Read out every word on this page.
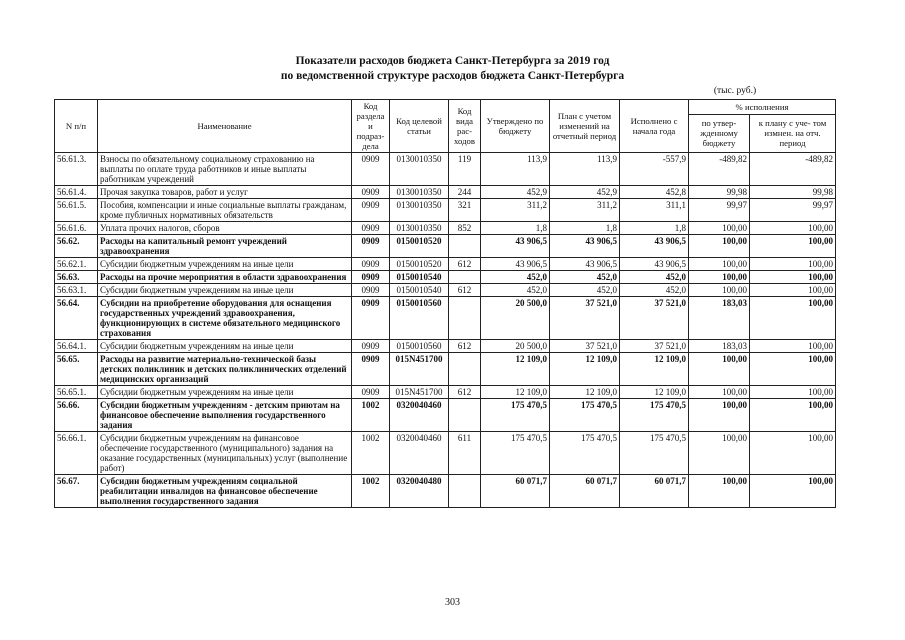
Показатели расходов бюджета Санкт-Петербурга за 2019 год
по ведомственной структуре расходов бюджета Санкт-Петербурга
(тыс. руб.)
N п/п	Наименование	Код раздела и подраз- дела	Код целевой статьи	Код вида рас- ходов	Утверждено по бюджету	План с учетом изменений на отчетный период	Исполнено с начала года	% исполнения	
								по утвер- жденному бюджету	к плану с уче- том измнен. на отч. период
56.61.3.	Взносы по обязательному социальному страхованию на выплаты по оплате труда работников и иные выплаты работникам учреждений	0909	0130010350	119	113,9	113,9	-557,9	-489,82	-489,82
56.61.4.	Прочая закупка товаров, работ и услуг	0909	0130010350	244	452,9	452,9	452,8	99,98	99,98
56.61.5.	Пособия, компенсации и иные социальные выплаты гражданам, кроме публичных нормативных обязательств	0909	0130010350	321	311,2	311,2	311,1	99,97	99,97
56.61.6.	Уплата прочих налогов, сборов	0909	0130010350	852	1,8	1,8	1,8	100,00	100,00
56.62.	Расходы на капитальный ремонт учреждений здравоохранения	0909	0150010520		43 906,5	43 906,5	43 906,5	100,00	100,00
56.62.1.	Субсидии бюджетным учреждениям на иные цели	0909	0150010520	612	43 906,5	43 906,5	43 906,5	100,00	100,00
56.63.	Расходы на прочие мероприятия в области здравоохранения	0909	0150010540		452,0	452,0	452,0	100,00	100,00
56.63.1.	Субсидии бюджетным учреждениям на иные цели	0909	0150010540	612	452,0	452,0	452,0	100,00	100,00
56.64.	Субсидии на приобретение оборудования для оснащения государственных учреждений здравоохранения, функционирующих в системе обязательного медицинского страхования	0909	0150010560		20 500,0	37 521,0	37 521,0	183,03	100,00
56.64.1.	Субсидии бюджетным учреждениям на иные цели	0909	0150010560	612	20 500,0	37 521,0	37 521,0	183,03	100,00
56.65.	Расходы на развитие материально-технической базы детских поликлиник и детских поликлинических отделений медицинских организаций	0909	015N451700		12 109,0	12 109,0	12 109,0	100,00	100,00
56.65.1.	Субсидии бюджетным учреждениям на иные цели	0909	015N451700	612	12 109,0	12 109,0	12 109,0	100,00	100,00
56.66.	Субсидии бюджетным учреждениям - детским приютам на финансовое обеспечение выполнения государственного задания	1002	0320040460		175 470,5	175 470,5	175 470,5	100,00	100,00
56.66.1.	Субсидии бюджетным учреждениям на финансовое обеспечение государственного (муниципального) задания на оказание государственных (муниципальных) услуг (выполнение работ)	1002	0320040460	611	175 470,5	175 470,5	175 470,5	100,00	100,00
56.67.	Субсидии бюджетным учреждениям социальной реабилитации инвалидов на финансовое обеспечение выполнения государственного задания	1002	0320040480		60 071,7	60 071,7	60 071,7	100,00	100,00
303
